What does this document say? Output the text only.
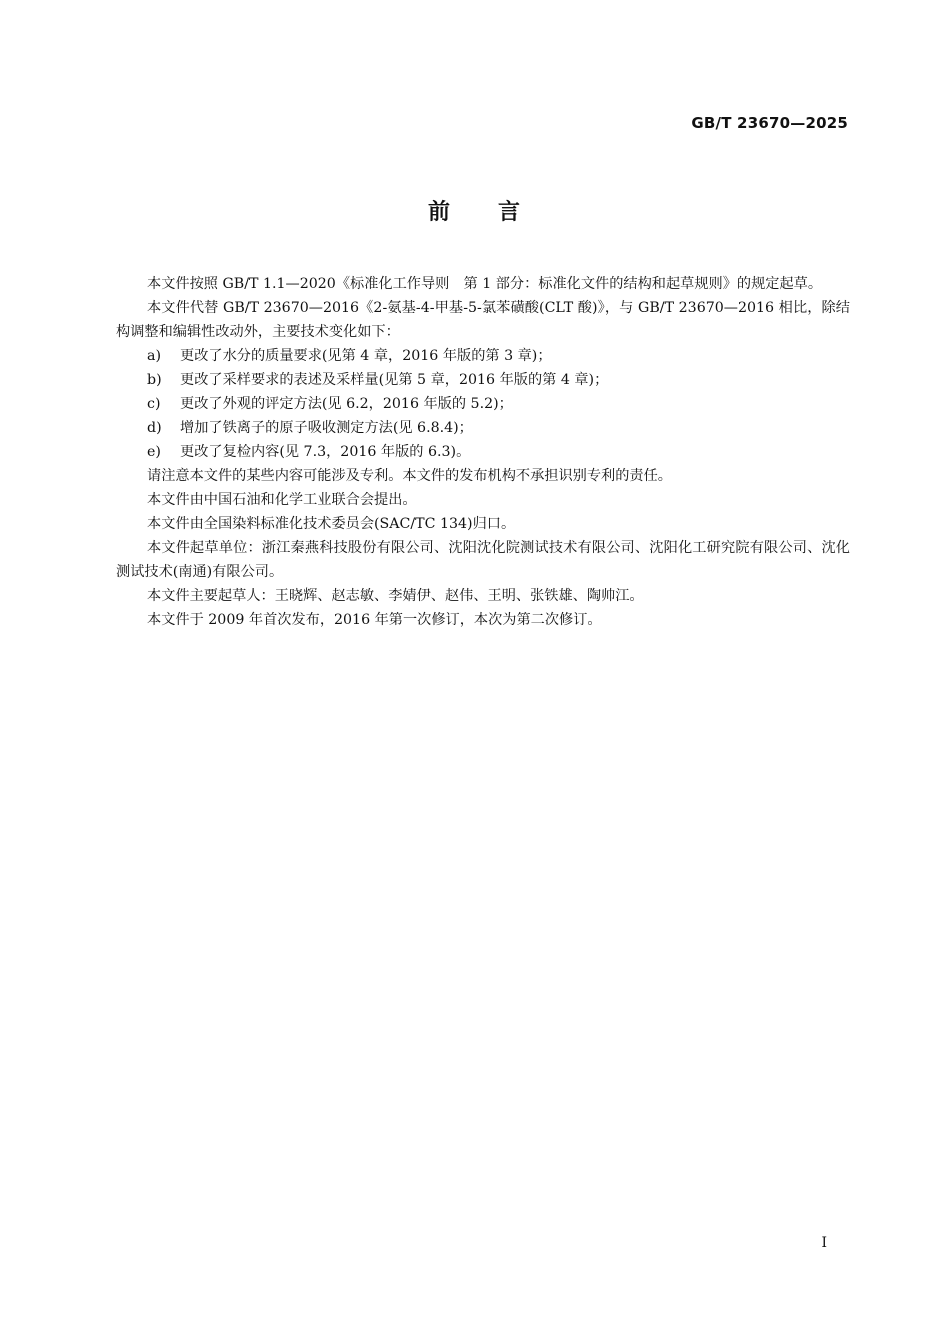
GB/T 23670—2025
前 言

本文件按照 GB/T 1.1—2020《标准化工作导则　第 1 部分：标准化文件的结构和起草规则》的规定起草。

本文件代替 GB/T 23670—2016《2-氨基-4-甲基-5-氯苯磺酸(CLT 酸)》，与 GB/T 23670—2016 相比，除结构调整和编辑性改动外，主要技术变化如下：

a)	更改了水分的质量要求(见第 4 章，2016 年版的第 3 章)；
b)	更改了采样要求的表述及采样量(见第 5 章，2016 年版的第 4 章)；
c)	更改了外观的评定方法(见 6.2，2016 年版的 5.2)；
d)	增加了铁离子的原子吸收测定方法(见 6.8.4)；
e)	更改了复检内容(见 7.3，2016 年版的 6.3)。

请注意本文件的某些内容可能涉及专利。本文件的发布机构不承担识别专利的责任。

本文件由中国石油和化学工业联合会提出。

本文件由全国染料标准化技术委员会(SAC/TC 134)归口。

本文件起草单位：浙江秦燕科技股份有限公司、沈阳沈化院测试技术有限公司、沈阳化工研究院有限公司、沈化测试技术(南通)有限公司。

本文件主要起草人：王晓辉、赵志敏、李婧伊、赵伟、王明、张铁雄、陶帅江。

本文件于 2009 年首次发布，2016 年第一次修订，本次为第二次修订。

I
